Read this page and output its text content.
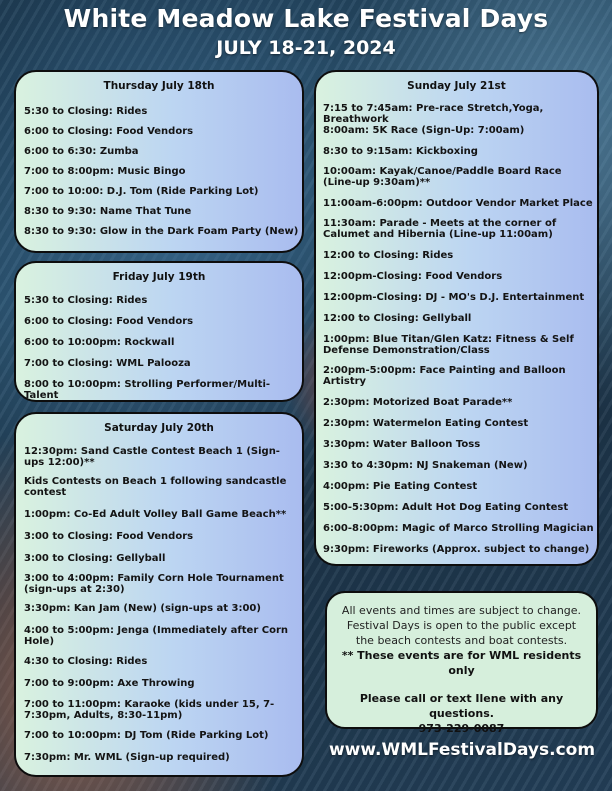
White Meadow Lake Festival Days
JULY 18-21, 2024
Thursday July 18th
5:30 to Closing: Rides
6:00 to Closing: Food Vendors
6:00 to 6:30: Zumba
7:00 to 8:00pm: Music Bingo
7:00 to 10:00: D.J. Tom (Ride Parking Lot)
8:30 to 9:30: Name That Tune
8:30 to 9:30: Glow in the Dark Foam Party (New)
Friday July 19th
5:30 to Closing: Rides
6:00 to Closing: Food Vendors
6:00 to 10:00pm: Rockwall
7:00 to Closing: WML Palooza
8:00 to 10:00pm: Strolling Performer/Multi-Talent
Saturday July 20th
12:30pm: Sand Castle Contest Beach 1 (Sign-ups 12:00)**
Kids Contests on Beach 1 following sandcastle contest
1:00pm: Co-Ed Adult Volley Ball Game Beach**
3:00 to Closing: Food Vendors
3:00 to Closing: Gellyball
3:00 to 4:00pm: Family Corn Hole Tournament (sign-ups at 2:30)
3:30pm: Kan Jam (New) (sign-ups at 3:00)
4:00 to 5:00pm: Jenga (Immediately after Corn Hole)
4:30 to Closing: Rides
7:00 to 9:00pm: Axe Throwing
7:00 to 11:00pm: Karaoke (kids under 15, 7-7:30pm, Adults, 8:30-11pm)
7:00 to 10:00pm: DJ Tom (Ride Parking Lot)
7:30pm: Mr. WML (Sign-up required)
Sunday July 21st
7:15 to 7:45am: Pre-race Stretch,Yoga, Breathwork
8:00am: 5K Race (Sign-Up: 7:00am)
8:30 to 9:15am: Kickboxing
10:00am: Kayak/Canoe/Paddle Board Race (Line-up 9:30am)**
11:00am-6:00pm: Outdoor Vendor Market Place
11:30am: Parade - Meets at the corner of Calumet and Hibernia (Line-up 11:00am)
12:00 to Closing: Rides
12:00pm-Closing: Food Vendors
12:00pm-Closing: DJ - MO's D.J. Entertainment
12:00 to Closing: Gellyball
1:00pm: Blue Titan/Glen Katz: Fitness & Self Defense Demonstration/Class
2:00pm-5:00pm: Face Painting and Balloon Artistry
2:30pm: Motorized Boat Parade**
2:30pm: Watermelon Eating Contest
3:30pm: Water Balloon Toss
3:30 to 4:30pm: NJ Snakeman (New)
4:00pm: Pie Eating Contest
5:00-5:30pm: Adult Hot Dog Eating Contest
6:00-8:00pm: Magic of Marco Strolling Magician
9:30pm: Fireworks (Approx. subject to change)
All events and times are subject to change.
Festival Days is open to the public except
the beach contests and boat contests.
** These events are for WML residents only
Please call or text Ilene with any questions.
973-229-0087
www.WMLFestivalDays.com
